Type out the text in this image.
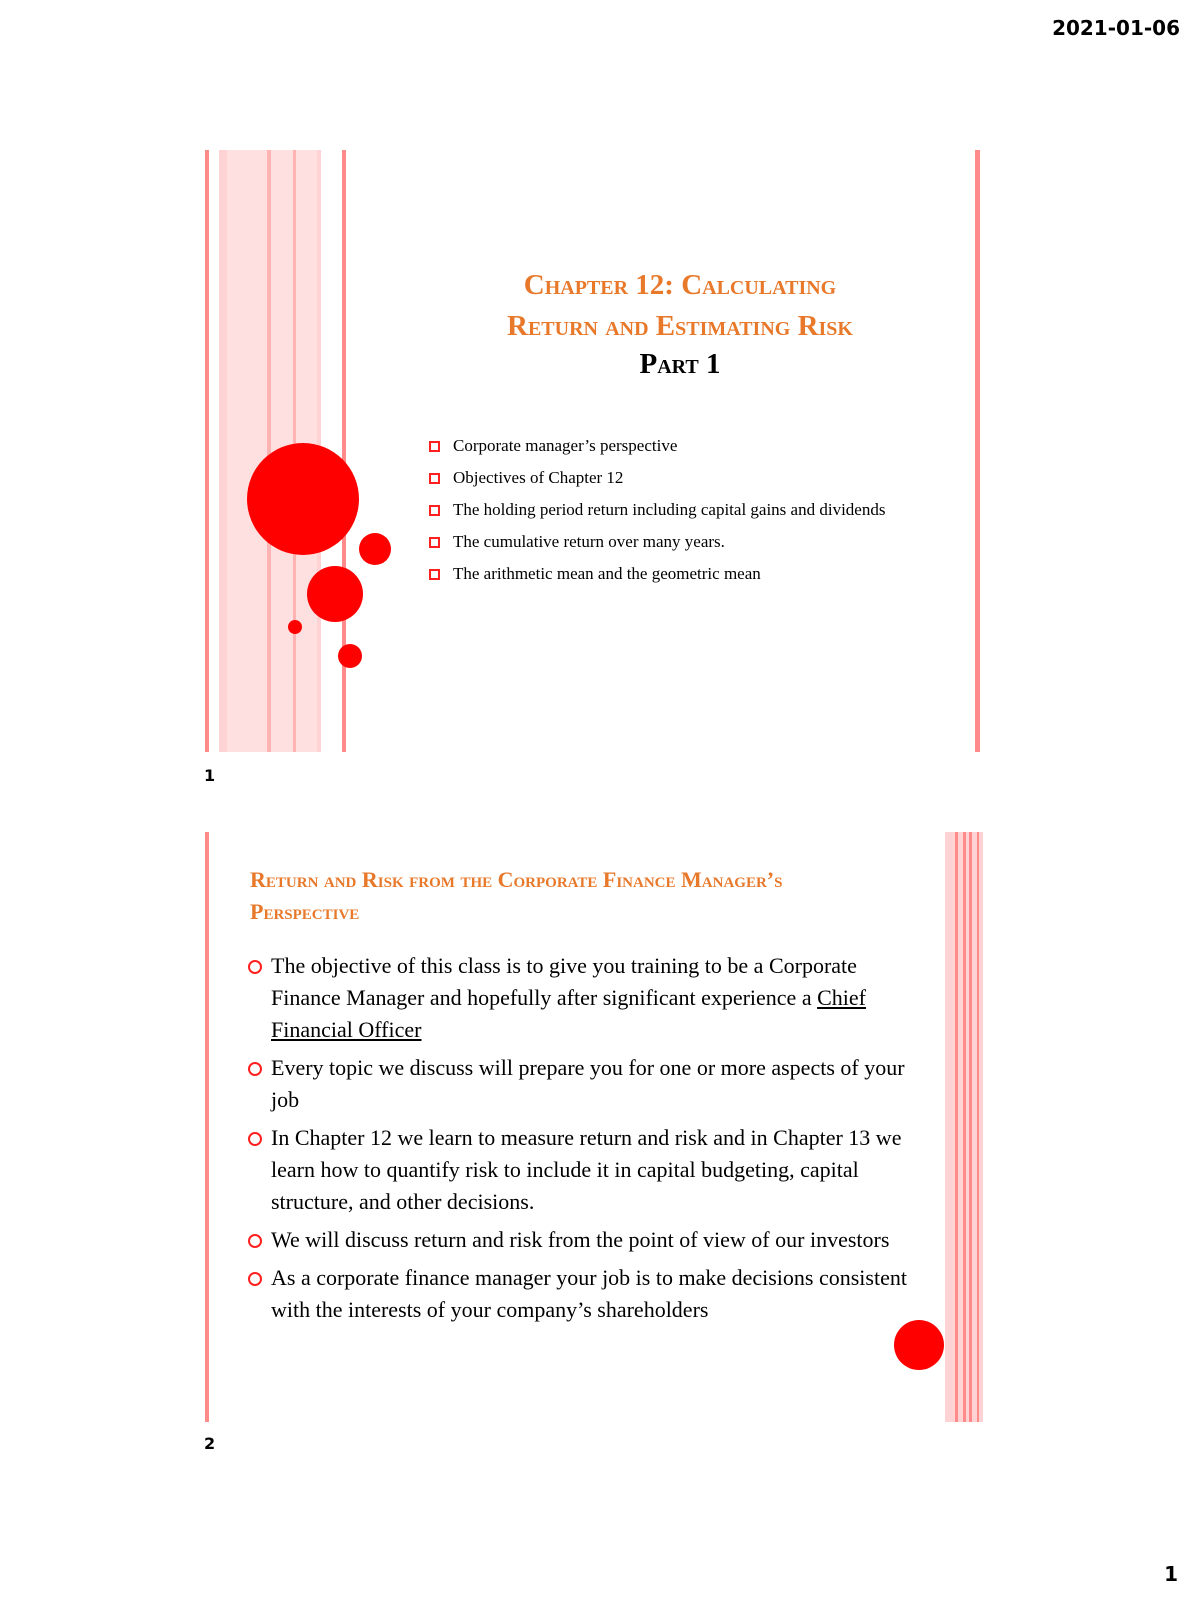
2021-01-06
Chapter 12: Calculating
Return and Estimating Risk
Part 1
Corporate manager’s perspective
Objectives of Chapter 12
The holding period return including capital gains and dividends
The cumulative return over many years.
The arithmetic mean and the geometric mean
1
Return and Risk from the Corporate Finance Manager’s Perspective
The objective of this class is to give you training to be a Corporate Finance Manager and hopefully after significant experience a Chief Financial Officer
Every topic we discuss will prepare you for one or more aspects of your job
In Chapter 12 we learn to measure return and risk and in Chapter 13 we learn how to quantify risk to include it in capital budgeting, capital structure, and other decisions.
We will discuss return and risk from the point of view of our investors
As a corporate finance manager your job is to make decisions consistent with the interests of your company’s shareholders
2
1
